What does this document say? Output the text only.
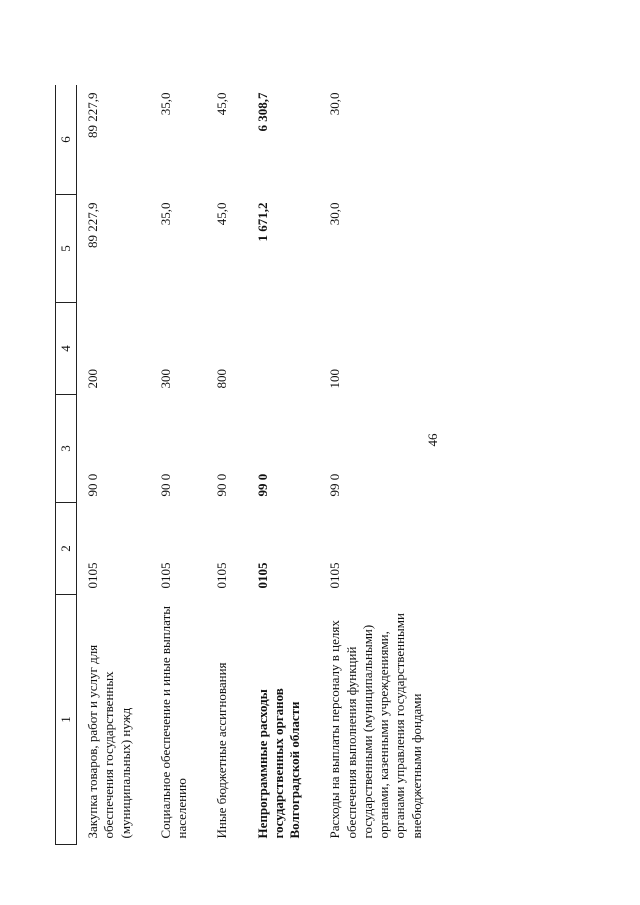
46
1	2	3	4	5	6
Закупка товаров, работ и услуг для обеспечения государственных (муниципальных) нужд	0105	90 0	200	89 227,9	89 227,9
Социальное обеспечение и иные выплаты населению	0105	90 0	300	35,0	35,0
Иные бюджетные ассигнования	0105	90 0	800	45,0	45,0
Непрограммные расходы государственных органов Волгоградской области	0105	99 0		1 671,2	6 308,7
Расходы на выплаты персоналу в целях обеспечения выполнения функций государственными (муниципальными) органами, казенными учреждениями, органами управления государственными внебюджетными фондами	0105	99 0	100	30,0	30,0
